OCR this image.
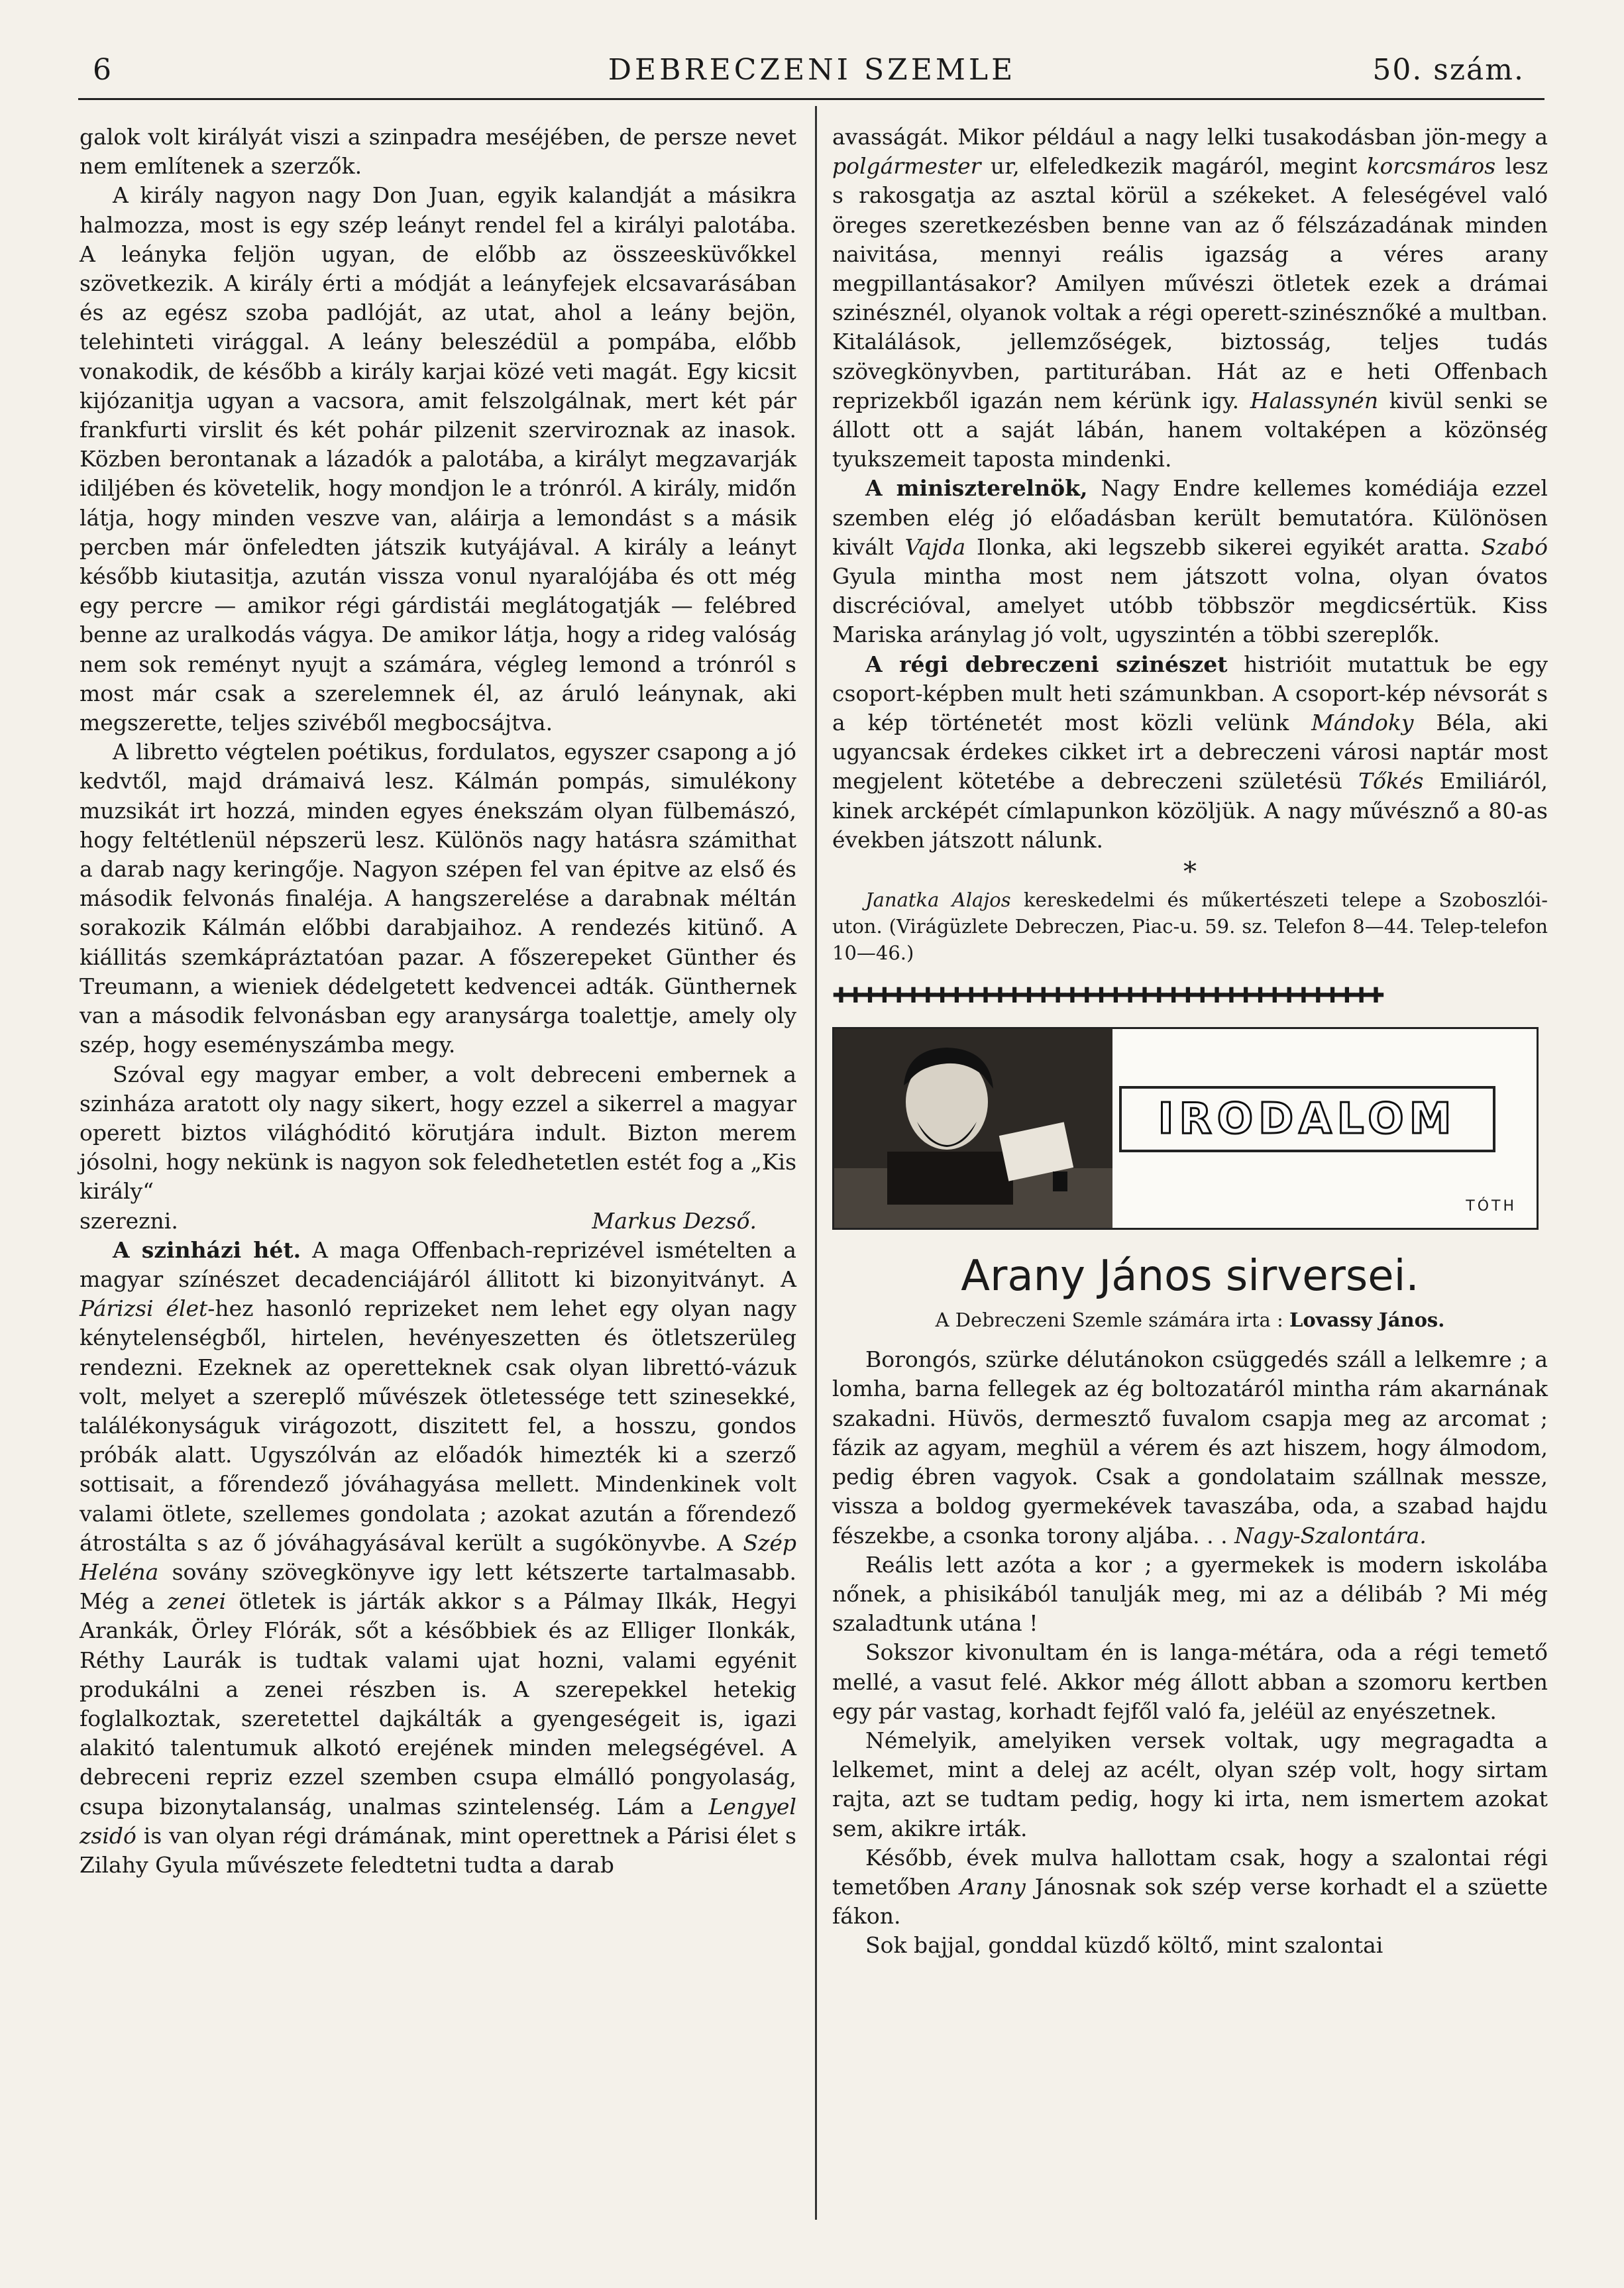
6	DEBRECZENI SZEMLE	50. szám.

galok volt királyát viszi a szinpadra meséjében, de persze nevet nem említenek a szerzők.

A király nagyon nagy Don Juan, egyik kalandját a másikra halmozza, most is egy szép leányt rendel fel a királyi palotába. A leányka feljön ugyan, de előbb az összeesküvőkkel szövetkezik. A király érti a módját a leányfejek elcsavarásában és az egész szoba padlóját, az utat, ahol a leány bejön, telehinteti virággal. A leány beleszédül a pompába, előbb vonakodik, de később a király karjai közé veti magát. Egy kicsit kijózanitja ugyan a vacsora, amit felszolgálnak, mert két pár frankfurti virslit és két pohár pilzenit szerviroznak az inasok. Közben berontanak a lázadók a palotába, a királyt megzavarják idiljében és követelik, hogy mondjon le a trónról. A király, midőn látja, hogy minden veszve van, aláirja a lemondást s a másik percben már önfeledten játszik kutyájával. A király a leányt később kiutasitja, azután vissza vonul nyaralójába és ott még egy percre — amikor régi gárdistái meglátogatják — felébred benne az uralkodás vágya. De amikor látja, hogy a rideg valóság nem sok reményt nyujt a számára, végleg lemond a trónról s most már csak a szerelemnek él, az áruló leánynak, aki megszerette, teljes szivéből megbocsájtva.

A libretto végtelen poétikus, fordulatos, egyszer csapong a jó kedvtől, majd drámaivá lesz. Kálmán pompás, simulékony muzsikát irt hozzá, minden egyes énekszám olyan fülbemászó, hogy feltétlenül népszerü lesz. Különös nagy hatásra számithat a darab nagy keringője. Nagyon szépen fel van épitve az első és második felvonás finaléja. A hangszerelése a darabnak méltán sorakozik Kálmán előbbi darabjaihoz. A rendezés kitünő. A kiállitás szemkápráztatóan pazar. A főszerepeket Günther és Treumann, a wieniek dédelgetett kedvencei adták. Günthernek van a második felvonásban egy aranysárga toalettje, amely oly szép, hogy eseményszámba megy.

Szóval egy magyar ember, a volt debreceni embernek a szinháza aratott oly nagy sikert, hogy ezzel a sikerrel a magyar operett biztos világhóditó körutjára indult. Bizton merem jósolni, hogy nekünk is nagyon sok feledhetetlen estét fog a „Kis király“

szerezni.	Markus Dezső.

A szinházi hét. A maga Offenbach-reprizével ismételten a magyar színészet decadenciájáról állitott ki bizonyitványt. A Párizsi élet-hez hasonló reprizeket nem lehet egy olyan nagy kénytelenségből, hirtelen, hevényeszetten és ötletszerüleg rendezni. Ezeknek az operetteknek csak olyan librettó-vázuk volt, melyet a szereplő művészek ötletessége tett szinesekké, találékonyságuk virágozott, diszitett fel, a hosszu, gondos próbák alatt. Ugyszólván az előadók himezték ki a szerző sottisait, a főrendező jóváhagyása mellett. Mindenkinek volt valami ötlete, szellemes gondolata ; azokat azután a főrendező átrostálta s az ő jóváhagyásával került a sugókönyvbe. A Szép Heléna sovány szövegkönyve igy lett kétszerte tartalmasabb. Még a zenei ötletek is járták akkor s a Pálmay Ilkák, Hegyi Arankák, Örley Flórák, sőt a későbbiek és az Elliger Ilonkák, Réthy Laurák is tudtak valami ujat hozni, valami egyénit produkálni a zenei részben is. A szerepekkel hetekig foglalkoztak, szeretettel dajkálták a gyengeségeit is, igazi alakitó talentumuk alkotó erejének minden melegségével. A debreceni repriz ezzel szemben csupa elmálló pongyolaság, csupa bizonytalanság, unalmas szintelenség. Lám a Lengyel zsidó is van olyan régi drámának, mint operettnek a Párisi élet s Zilahy Gyula művészete feledtetni tudta a darab

avasságát. Mikor például a nagy lelki tusakodásban jön-megy a polgármester ur, elfeledkezik magáról, megint korcsmáros lesz s rakosgatja az asztal körül a székeket. A feleségével való öreges szeretkezésben benne van az ő félszázadának minden naivitása, mennyi reális igazság a véres arany megpillantásakor? Amilyen művészi ötletek ezek a drámai szinésznél, olyanok voltak a régi operett-szinésznőké a multban. Kitalálások, jellemzőségek, biztosság, teljes tudás szövegkönyvben, partiturában. Hát az e heti Offenbach reprizekből igazán nem kérünk igy. Halassynén kivül senki se állott ott a saját lábán, hanem voltaképen a közönség tyukszemeit taposta mindenki.

A miniszterelnök, Nagy Endre kellemes komédiája ezzel szemben elég jó előadásban került bemutatóra. Különösen kivált Vajda Ilonka, aki legszebb sikerei egyikét aratta. Szabó Gyula mintha most nem játszott volna, olyan óvatos discrécióval, amelyet utóbb többször megdicsértük. Kiss Mariska aránylag jó volt, ugyszintén a többi szereplők.

A régi debreczeni szinészet histrióit mutattuk be egy csoport-képben mult heti számunkban. A csoport-kép névsorát s a kép történetét most közli velünk Mándoky Béla, aki ugyancsak érdekes cikket irt a debreczeni városi naptár most megjelent kötetébe a debreczeni születésü Tőkés Emiliáról, kinek arcképét címlapunkon közöljük. A nagy művésznő a 80-as években játszott nálunk.

*

Janatka Alajos kereskedelmi és műkertészeti telepe a Szoboszlói-uton. (Virágüzlete Debreczen, Piac-u. 59. sz. Telefon 8—44. Telep-telefon 10—46.)

✚✚✚✚✚✚✚✚✚✚✚✚✚✚✚✚✚✚✚✚✚✚✚✚✚✚✚✚✚✚✚✚✚✚✚✚✚✚
IRODALOM
TÓTH
Arany János sirversei.
A Debreczeni Szemle számára irta : Lovassy János.

Borongós, szürke délutánokon csüggedés száll a lelkemre ; a lomha, barna fellegek az ég boltozatáról mintha rám akarnának szakadni. Hüvös, dermesztő fuvalom csapja meg az arcomat ; fázik az agyam, meghül a vérem és azt hiszem, hogy álmodom, pedig ébren vagyok. Csak a gondolataim szállnak messze, vissza a boldog gyermekévek tavaszába, oda, a szabad hajdu fészekbe, a csonka torony aljába. . . Nagy-Szalontára.

Reális lett azóta a kor ; a gyermekek is modern iskolába nőnek, a phisikából tanulják meg, mi az a délibáb ? Mi még szaladtunk utána !

Sokszor kivonultam én is langa-métára, oda a régi temető mellé, a vasut felé. Akkor még állott abban a szomoru kertben egy pár vastag, korhadt fejfől való fa, jeléül az enyészetnek.

Némelyik, amelyiken versek voltak, ugy megragadta a lelkemet, mint a delej az acélt, olyan szép volt, hogy sirtam rajta, azt se tudtam pedig, hogy ki irta, nem ismertem azokat sem, akikre irták.

Később, évek mulva hallottam csak, hogy a szalontai régi temetőben Arany Jánosnak sok szép verse korhadt el a szüette fákon.

Sok bajjal, gonddal küzdő költő, mint szalontai
